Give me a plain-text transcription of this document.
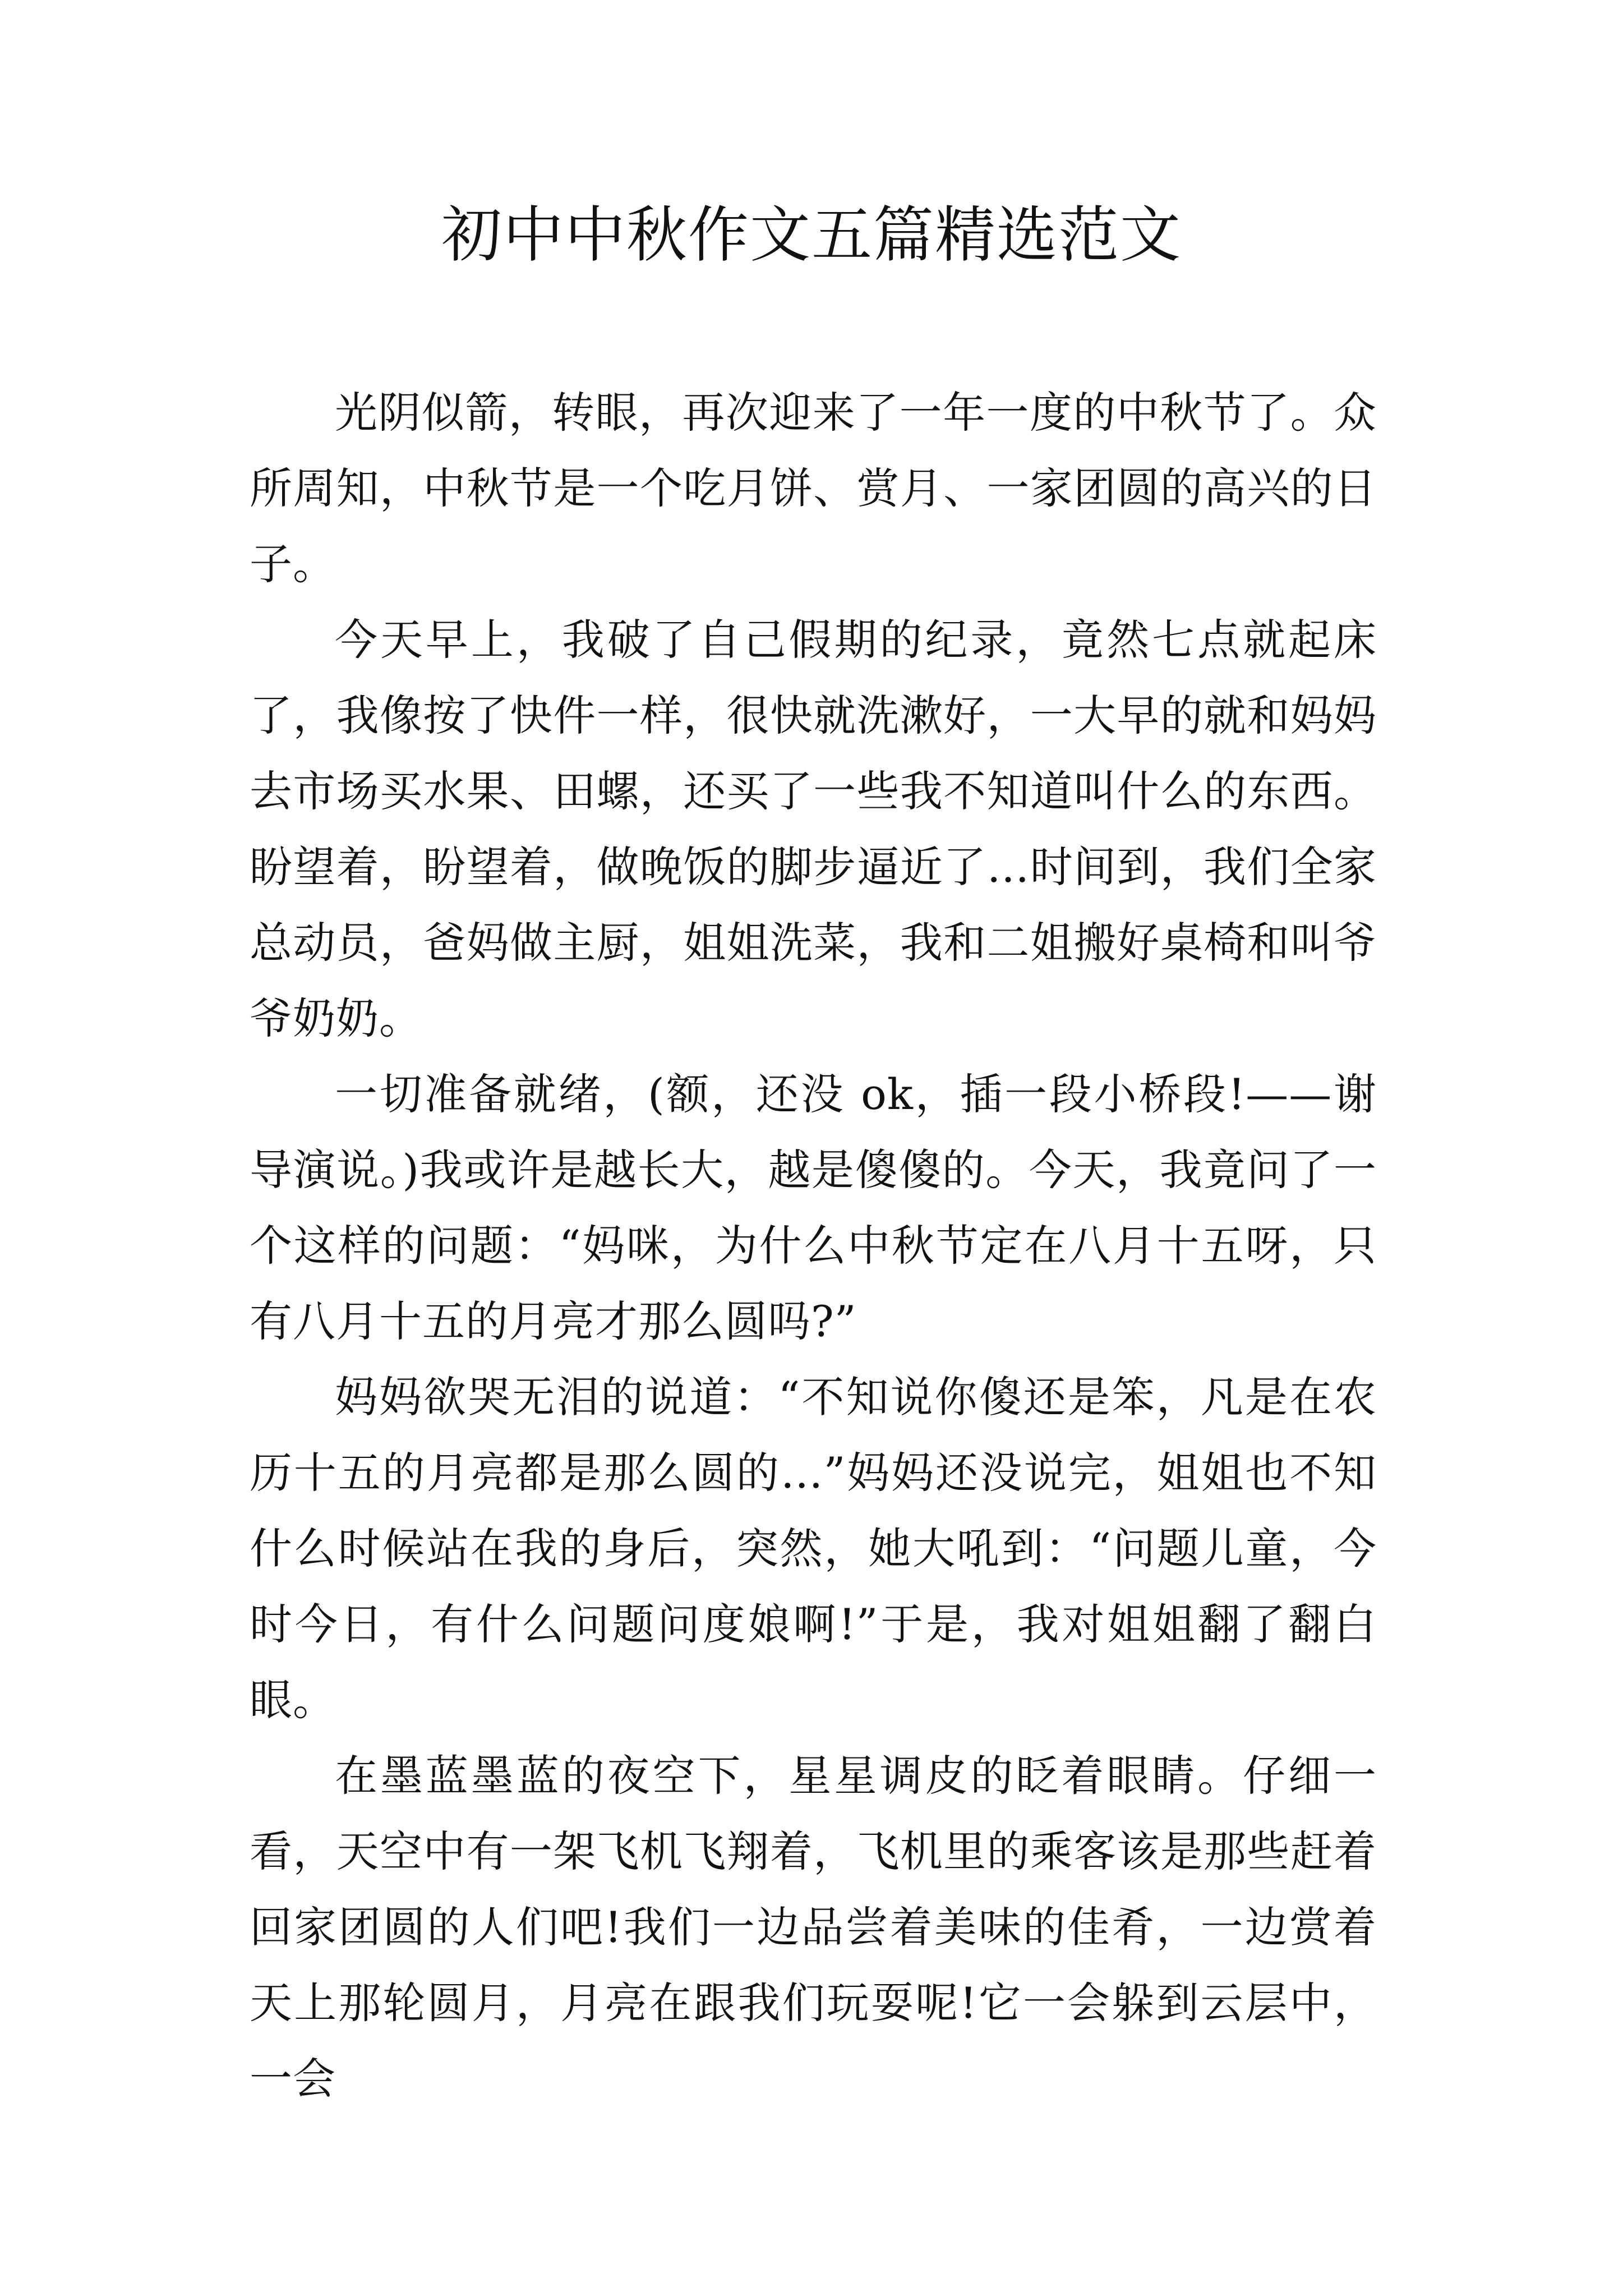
初中中秋作文五篇精选范文

光阴似箭，转眼，再次迎来了一年一度的中秋节了。众所周知，中秋节是一个吃月饼、赏月、一家团圆的高兴的日子。

今天早上，我破了自己假期的纪录，竟然七点就起床了，我像按了快件一样，很快就洗漱好，一大早的就和妈妈去市场买水果、田螺，还买了一些我不知道叫什么的东西。盼望着，盼望着，做晚饭的脚步逼近了…时间到，我们全家总动员，爸妈做主厨，姐姐洗菜，我和二姐搬好桌椅和叫爷爷奶奶。

一切准备就绪，(额，还没 ok，插一段小桥段!——谢导演说。)我或许是越长大，越是傻傻的。今天，我竟问了一个这样的问题：“妈咪，为什么中秋节定在八月十五呀，只有八月十五的月亮才那么圆吗?”

妈妈欲哭无泪的说道：“不知说你傻还是笨，凡是在农历十五的月亮都是那么圆的…”妈妈还没说完，姐姐也不知什么时候站在我的身后，突然，她大吼到：“问题儿童，今时今日，有什么问题问度娘啊!”于是，我对姐姐翻了翻白眼。

在墨蓝墨蓝的夜空下，星星调皮的眨着眼睛。仔细一看，天空中有一架飞机飞翔着，飞机里的乘客该是那些赶着回家团圆的人们吧!我们一边品尝着美味的佳肴，一边赏着天上那轮圆月，月亮在跟我们玩耍呢!它一会躲到云层中，一会
